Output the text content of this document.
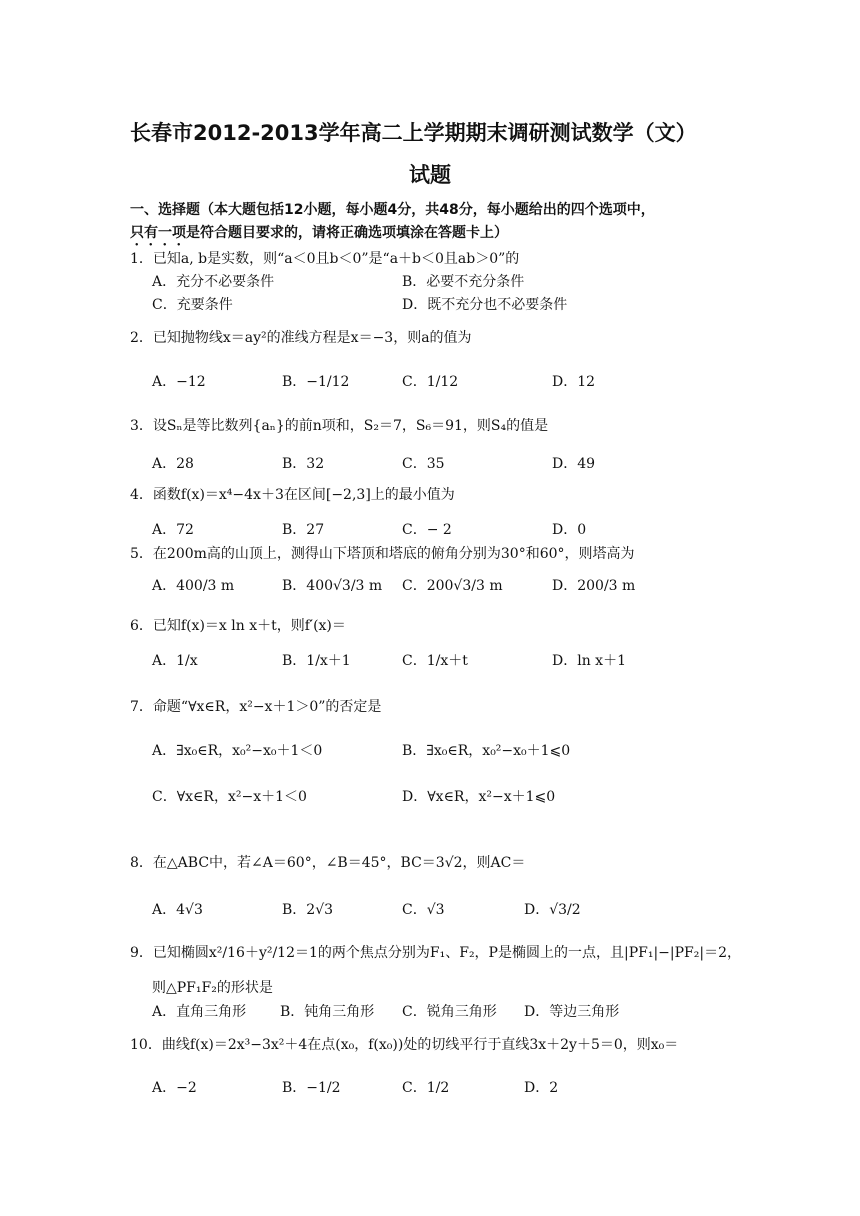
长春市2012-2013学年高二上学期期末调研测试数学（文）
试题
一、选择题（本大题包括12小题，每小题4分，共48分，每小题给出的四个选项中，
只有一项是符合题目要求的，请将正确选项填涂在答题卡上）
1．已知a, b是实数，则“a＜0且b＜0”是“a＋b＜0且ab＞0”的
A．充分不必要条件	B．必要不充分条件
C．充要条件	D．既不充分也不必要条件
2．已知抛物线x＝ay²的准线方程是x＝−3，则a的值为
A．−12	B．−1/12	C．1/12	D．12
3．设Sₙ是等比数列{aₙ}的前n项和，S₂＝7，S₆＝91，则S₄的值是
A．28	B．32	C．35	D．49
4．函数f(x)＝x⁴−4x＋3在区间[−2,3]上的最小值为
A．72	B．27	C．− 2	D．0
5．在200m高的山顶上，测得山下塔顶和塔底的俯角分别为30°和60°，则塔高为
A．400/3 m	B．400√3/3 m C．200√3/3 m	D．200/3 m
6．已知f(x)＝x ln x＋t，则f′(x)＝
A．1/x	B．1/x＋1	C．1/x＋t	D．ln x＋1
7．命题“∀x∈R，x²−x＋1＞0”的否定是
A．∃x₀∈R，x₀²−x₀＋1＜0	B．∃x₀∈R，x₀²−x₀＋1⩽0
C．∀x∈R，x²−x＋1＜0	D．∀x∈R，x²−x＋1⩽0
8．在△ABC中，若∠A＝60°，∠B＝45°，BC＝3√2，则AC＝
A．4√3	B．2√3	C．√3	D．√3/2
9．已知椭圆x²/16＋y²/12＝1的两个焦点分别为F₁、F₂，P是椭圆上的一点，且|PF₁|−|PF₂|＝2，
则△PF₁F₂的形状是
A．直角三角形 B．钝角三角形 C．锐角三角形 D．等边三角形
10．曲线f(x)＝2x³−3x²＋4在点(x₀，f(x₀))处的切线平行于直线3x＋2y＋5＝0，则x₀＝
A．−2	B．−1/2	C．1/2	D．2
